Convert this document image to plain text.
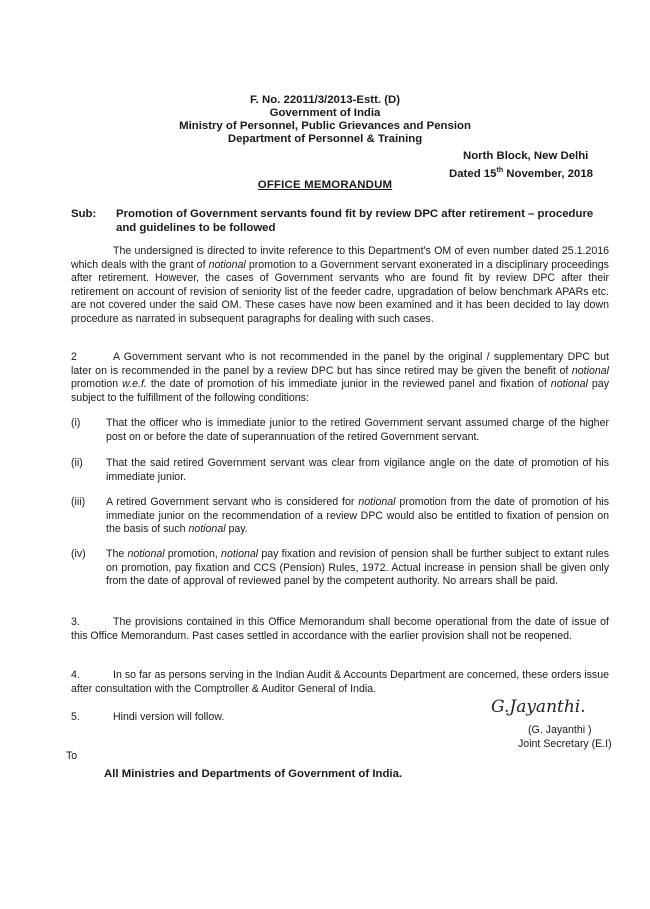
F. No. 22011/3/2013-Estt. (D)
Government of India
Ministry of Personnel, Public Grievances and Pension
Department of Personnel & Training
North Block, New Delhi
Dated 15th November, 2018
OFFICE MEMORANDUM
Sub: Promotion of Government servants found fit by review DPC after retirement – procedure and guidelines to be followed
The undersigned is directed to invite reference to this Department's OM of even number dated 25.1.2016 which deals with the grant of notional promotion to a Government servant exonerated in a disciplinary proceedings after retirement. However, the cases of Government servants who are found fit by review DPC after their retirement on account of revision of seniority list of the feeder cadre, upgradation of below benchmark APARs etc. are not covered under the said OM. These cases have now been examined and it has been decided to lay down procedure as narrated in subsequent paragraphs for dealing with such cases.
2	A Government servant who is not recommended in the panel by the original / supplementary DPC but later on is recommended in the panel by a review DPC but has since retired may be given the benefit of notional promotion w.e.f. the date of promotion of his immediate junior in the reviewed panel and fixation of notional pay subject to the fulfillment of the following conditions:
(i)	That the officer who is immediate junior to the retired Government servant assumed charge of the higher post on or before the date of superannuation of the retired Government servant.
(ii)	That the said retired Government servant was clear from vigilance angle on the date of promotion of his immediate junior.
(iii)	A retired Government servant who is considered for notional promotion from the date of promotion of his immediate junior on the recommendation of a review DPC would also be entitled to fixation of pension on the basis of such notional pay.
(iv)	The notional promotion, notional pay fixation and revision of pension shall be further subject to extant rules on promotion, pay fixation and CCS (Pension) Rules, 1972. Actual increase in pension shall be given only from the date of approval of reviewed panel by the competent authority. No arrears shall be paid.
3.	The provisions contained in this Office Memorandum shall become operational from the date of issue of this Office Memorandum. Past cases settled in accordance with the earlier provision shall not be reopened.
4.	In so far as persons serving in the Indian Audit & Accounts Department are concerned, these orders issue after consultation with the Comptroller & Auditor General of India.
5.	Hindi version will follow.	G.Jayanthi.
(G. Jayanthi )
Joint Secretary (E.I)
To
All Ministries and Departments of Government of India.
